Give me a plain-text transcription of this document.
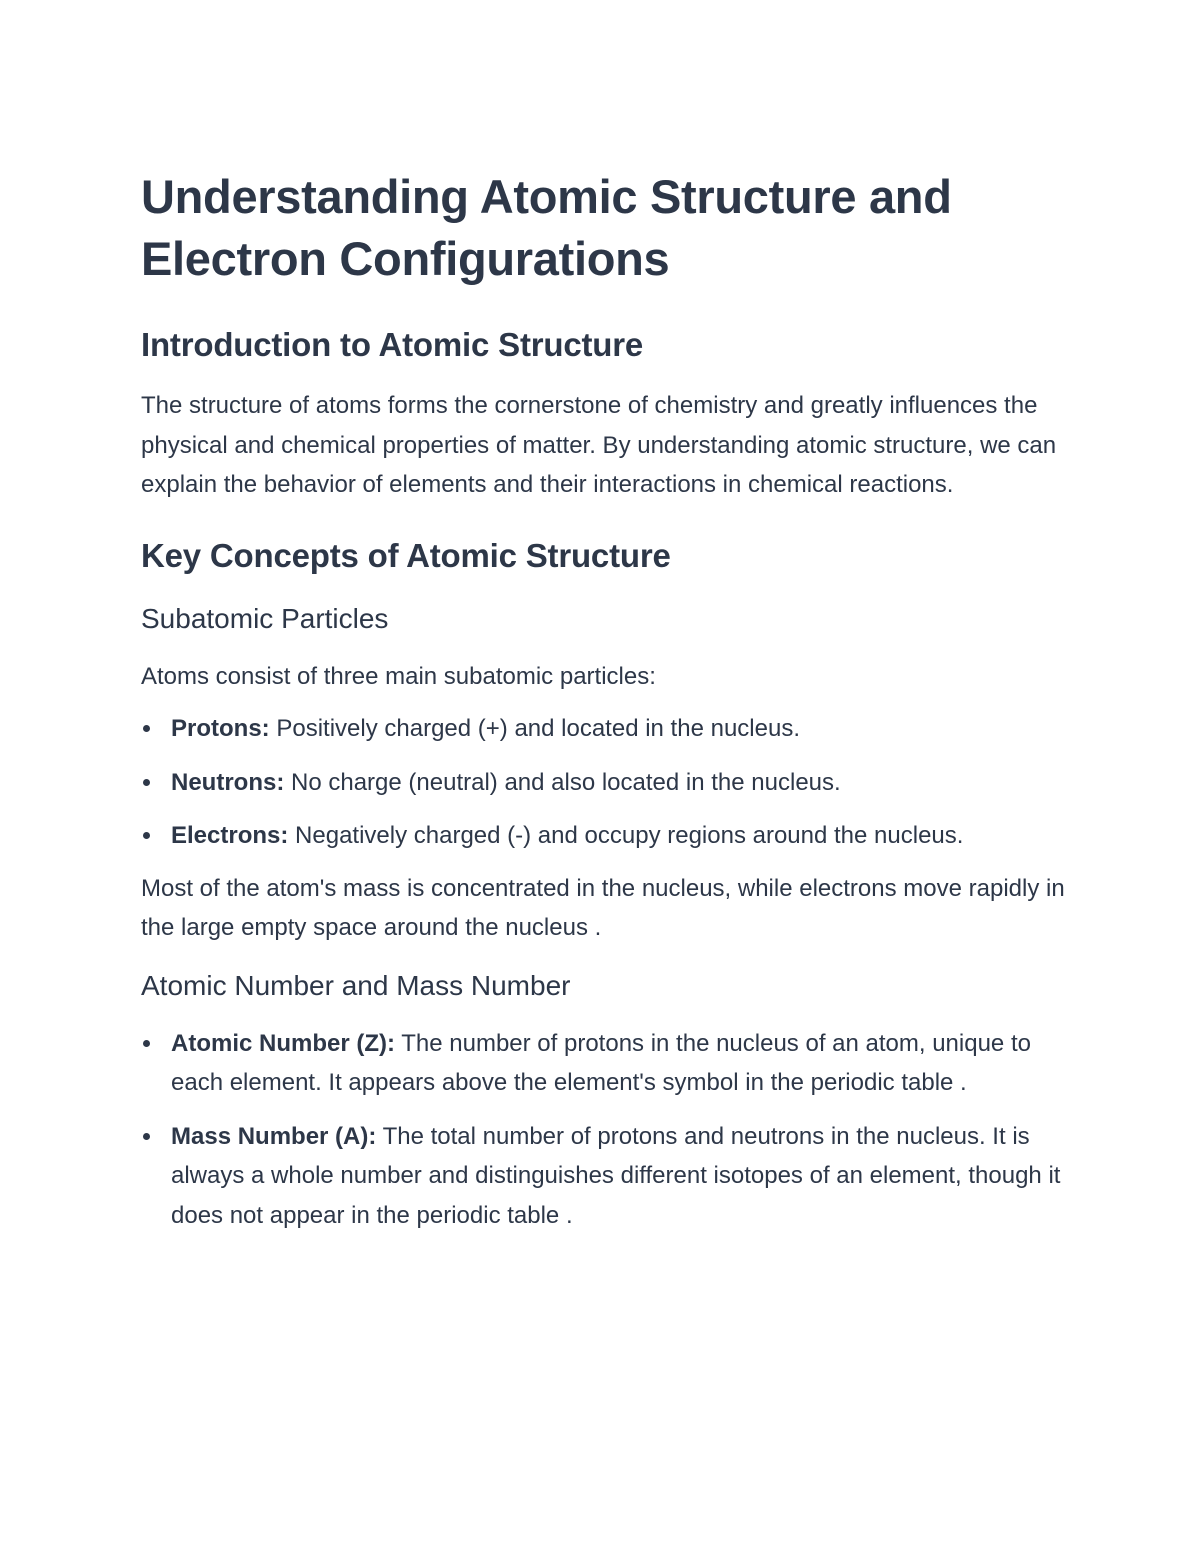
Understanding Atomic Structure and Electron Configurations
Introduction to Atomic Structure

The structure of atoms forms the cornerstone of chemistry and greatly influences the physical and chemical properties of matter. By understanding atomic structure, we can explain the behavior of elements and their interactions in chemical reactions.

Key Concepts of Atomic Structure
Subatomic Particles

Atoms consist of three main subatomic particles:

Protons: Positively charged (+) and located in the nucleus.
Neutrons: No charge (neutral) and also located in the nucleus.
Electrons: Negatively charged (-) and occupy regions around the nucleus.

Most of the atom's mass is concentrated in the nucleus, while electrons move rapidly in the large empty space around the nucleus .

Atomic Number and Mass Number
Atomic Number (Z): The number of protons in the nucleus of an atom, unique to each element. It appears above the element's symbol in the periodic table .
Mass Number (A): The total number of protons and neutrons in the nucleus. It is always a whole number and distinguishes different isotopes of an element, though it does not appear in the periodic table .
